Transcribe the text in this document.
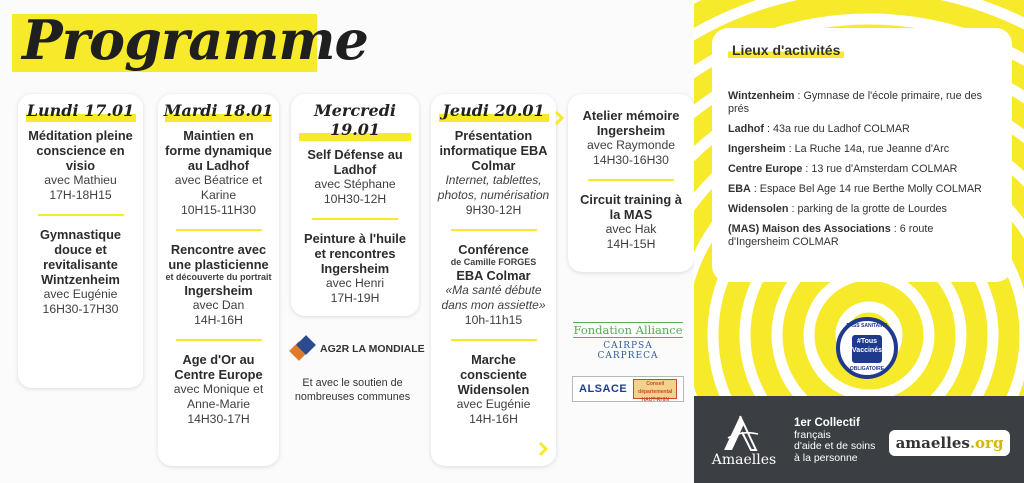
Programme
Lundi 17.01
Méditation pleine conscience en visio
avec Mathieu
17H-18H15
Gymnastique douce et revitalisante Wintzenheim
avec Eugénie
16H30-17H30
Mardi 18.01
Maintien en forme dynamique au Ladhof
avec Béatrice et Karine
10H15-11H30
Rencontre avec une plasticienne
et découverte du portrait
Ingersheim
avec Dan
14H-16H
Age d'Or au Centre Europe
avec Monique et Anne-Marie
14H30-17H
Mercredi 19.01
Self Défense au Ladhof
avec Stéphane
10H30-12H
Peinture à l'huile et rencontres Ingersheim
avec Henri
17H-19H
Jeudi 20.01
Présentation informatique EBA Colmar
Internet, tablettes, photos, numérisation
9H30-12H
Conférence
de Camille FORGES
EBA Colmar
«Ma santé débute dans mon assiette»
10h-11h15
Marche consciente Widensolen
avec Eugénie
14H-16H
Atelier mémoire Ingersheim
avec Raymonde
14H30-16H30
Circuit training à la MAS
avec Hak
14H-15H
AG2R LA MONDIALE
Et avec le soutien de nombreuses communes
Fondation Alliance
CAIRPSA CARPRECA
ALSACE	Conseil départemental HAUT-RHIN
Lieux d'activités
Wintzenheim : Gymnase de l'école primaire, rue des prés
Ladhof : 43a rue du Ladhof COLMAR
Ingersheim : La Ruche 14a, rue Jeanne d'Arc
Centre Europe : 13 rue d'Amsterdam COLMAR
EBA : Espace Bel Age 14 rue Berthe Molly COLMAR
Widensolen : parking de la grotte de Lourdes
(MAS) Maison des Associations : 6 route d'Ingersheim COLMAR
PASS SANITAIRE
#Tous Vaccinés
OBLIGATOIRE
Amaelles
1er Collectif
français
d'aide et de soins
à la personne
amaelles.org
